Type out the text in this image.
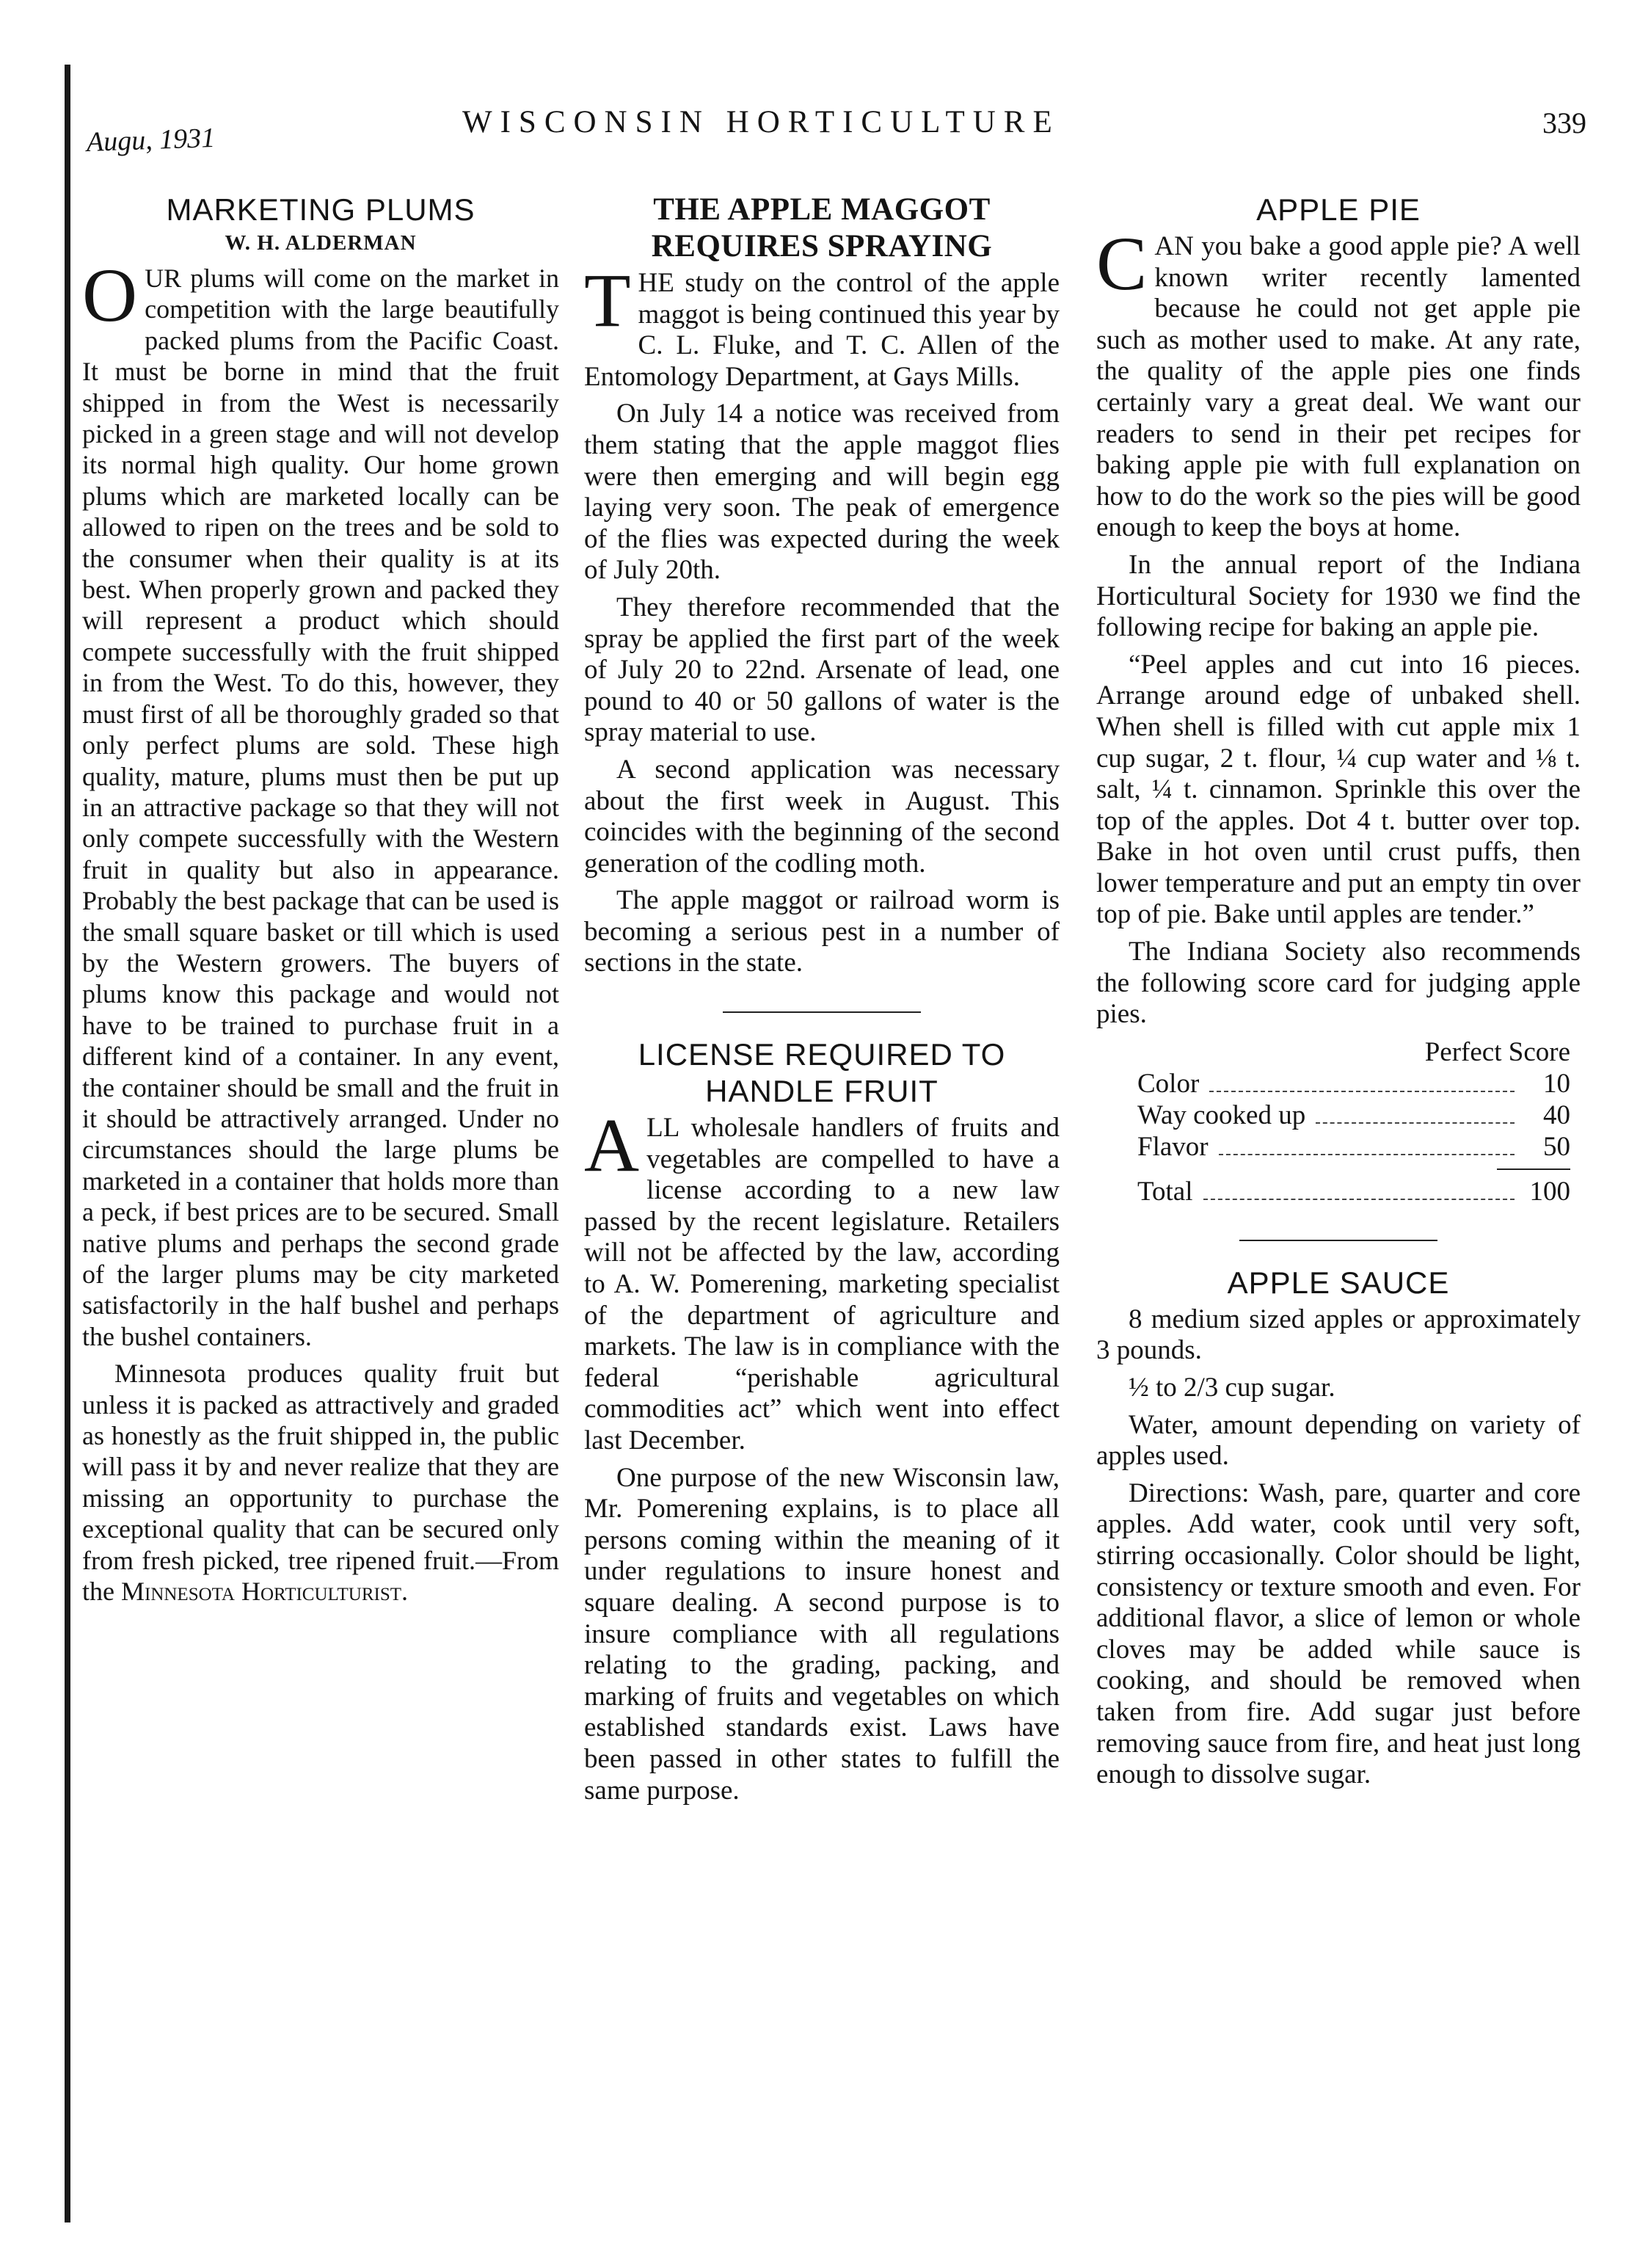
Augu, 1931
WISCONSIN HORTICULTURE	339
MARKETING PLUMS
W. H. ALDERMAN

OUR plums will come on the market in competition with the large beautifully packed plums from the Pacific Coast. It must be borne in mind that the fruit shipped in from the West is necessarily picked in a green stage and will not develop its normal high quality. Our home grown plums which are marketed locally can be allowed to ripen on the trees and be sold to the consumer when their quality is at its best. When properly grown and packed they will represent a product which should compete successfully with the fruit shipped in from the West. To do this, however, they must first of all be thoroughly graded so that only perfect plums are sold. These high quality, mature, plums must then be put up in an attractive package so that they will not only compete successfully with the Western fruit in quality but also in appearance. Probably the best package that can be used is the small square basket or till which is used by the Western growers. The buyers of plums know this package and would not have to be trained to purchase fruit in a different kind of a container. In any event, the container should be small and the fruit in it should be attractively arranged. Under no circumstances should the large plums be marketed in a container that holds more than a peck, if best prices are to be secured. Small native plums and perhaps the second grade of the larger plums may be city marketed satisfactorily in the half bushel and perhaps the bushel containers.

Minnesota produces quality fruit but unless it is packed as attractively and graded as honestly as the fruit shipped in, the public will pass it by and never realize that they are missing an opportunity to purchase the exceptional quality that can be secured only from fresh picked, tree ripened fruit.—From the Minnesota Horticulturist.

THE APPLE MAGGOT REQUIRES SPRAYING

THE study on the control of the apple maggot is being continued this year by C. L. Fluke, and T. C. Allen of the Entomology Department, at Gays Mills.

On July 14 a notice was received from them stating that the apple maggot flies were then emerging and will begin egg laying very soon. The peak of emergence of the flies was expected during the week of July 20th.

They therefore recommended that the spray be applied the first part of the week of July 20 to 22nd. Arsenate of lead, one pound to 40 or 50 gallons of water is the spray material to use.

A second application was necessary about the first week in August. This coincides with the beginning of the second generation of the codling moth.

The apple maggot or railroad worm is becoming a serious pest in a number of sections in the state.

LICENSE REQUIRED TO HANDLE FRUIT

ALL wholesale handlers of fruits and vegetables are compelled to have a license according to a new law passed by the recent legislature. Retailers will not be affected by the law, according to A. W. Pomerening, marketing specialist of the department of agriculture and markets. The law is in compliance with the federal “perishable agricultural commodities act” which went into effect last December.

One purpose of the new Wisconsin law, Mr. Pomerening explains, is to place all persons coming within the meaning of it under regulations to insure honest and square dealing. A second purpose is to insure compliance with all regulations relating to the grading, packing, and marking of fruits and vegetables on which established standards exist. Laws have been passed in other states to fulfill the same purpose.

APPLE PIE

CAN you bake a good apple pie? A well known writer recently lamented because he could not get apple pie such as mother used to make. At any rate, the quality of the apple pies one finds certainly vary a great deal. We want our readers to send in their pet recipes for baking apple pie with full explanation on how to do the work so the pies will be good enough to keep the boys at home.

In the annual report of the Indiana Horticultural Society for 1930 we find the following recipe for baking an apple pie.

“Peel apples and cut into 16 pieces. Arrange around edge of unbaked shell. When shell is filled with cut apple mix 1 cup sugar, 2 t. flour, ¼ cup water and ⅛ t. salt, ¼ t. cinnamon. Sprinkle this over the top of the apples. Dot 4 t. butter over top. Bake in hot oven until crust puffs, then lower temperature and put an empty tin over top of pie. Bake until apples are tender.”

The Indiana Society also recommends the following score card for judging apple pies.

Perfect Score
Color	10
Way cooked up	40
Flavor	50
Total	100
APPLE SAUCE

8 medium sized apples or approximately 3 pounds.

½ to 2/3 cup sugar.

Water, amount depending on variety of apples used.

Directions: Wash, pare, quarter and core apples. Add water, cook until very soft, stirring occasionally. Color should be light, consistency or texture smooth and even. For additional flavor, a slice of lemon or whole cloves may be added while sauce is cooking, and should be removed when taken from fire. Add sugar just before removing sauce from fire, and heat just long enough to dissolve sugar.
